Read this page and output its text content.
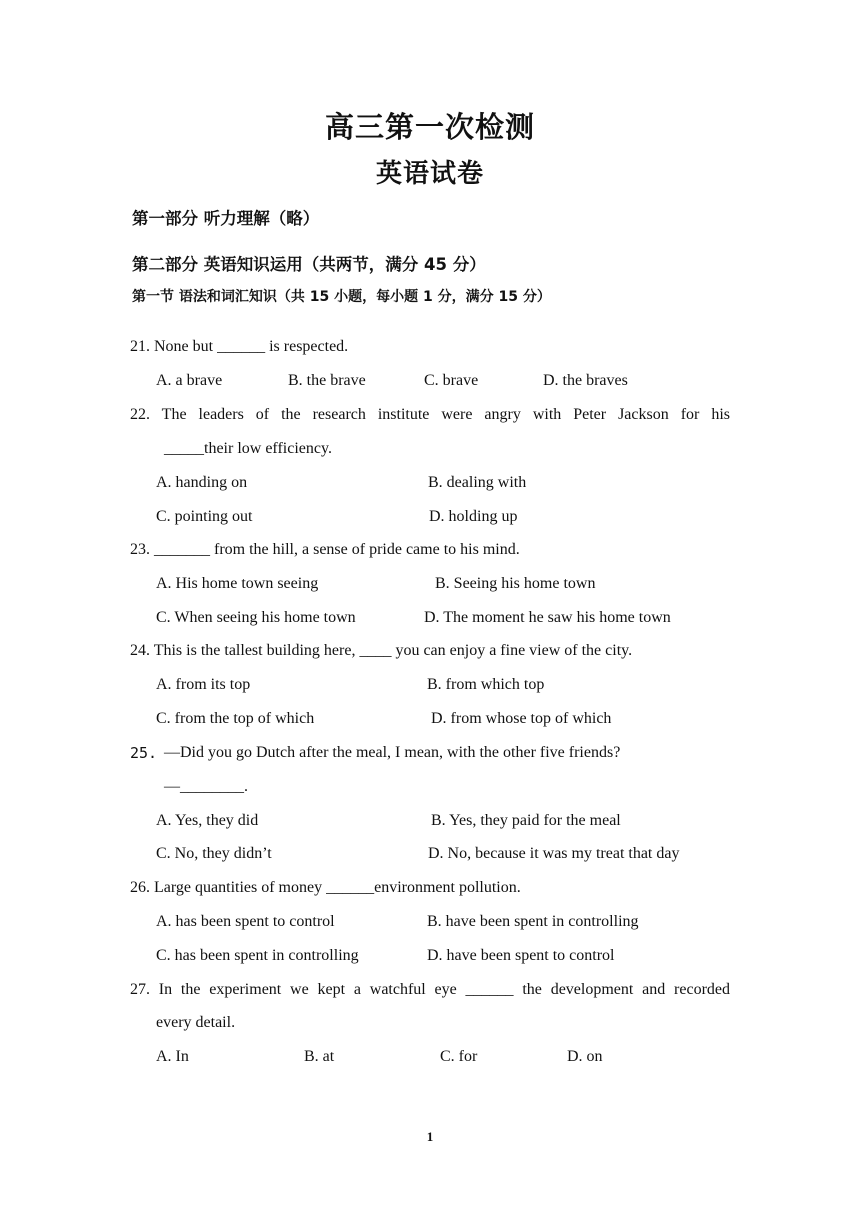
高三第一次检测
英语试卷
第一部分 听力理解（略）
第二部分 英语知识运用（共两节，满分 45 分）
第一节 语法和词汇知识（共 15 小题，每小题 1 分，满分 15 分）
21. None but ______ is respected.
A. a brave	B. the brave	C. brave	D. the braves
22. The leaders of the research institute were angry with Peter Jackson for his
_____their low efficiency.
A. handing on	B. dealing with
C. pointing out	D. holding up
23. _______ from the hill, a sense of pride came to his mind.
A. His home town seeing	B. Seeing his home town
C. When seeing his home town	D. The moment he saw his home town
24. This is the tallest building here, ____ you can enjoy a fine view of the city.
A. from its top	B. from which top
C. from the top of which	D. from whose top of which
25. —Did you go Dutch after the meal, I mean, with the other five friends?
—________.
A. Yes, they did	B. Yes, they paid for the meal
C. No, they didn’t	D. No, because it was my treat that day
26. Large quantities of money ______environment pollution.
A. has been spent to control	B. have been spent in controlling
C. has been spent in controlling	D. have been spent to control
27. In the experiment we kept a watchful eye ______ the development and recorded
every detail.
A. In	B. at	C. for	D. on
1
